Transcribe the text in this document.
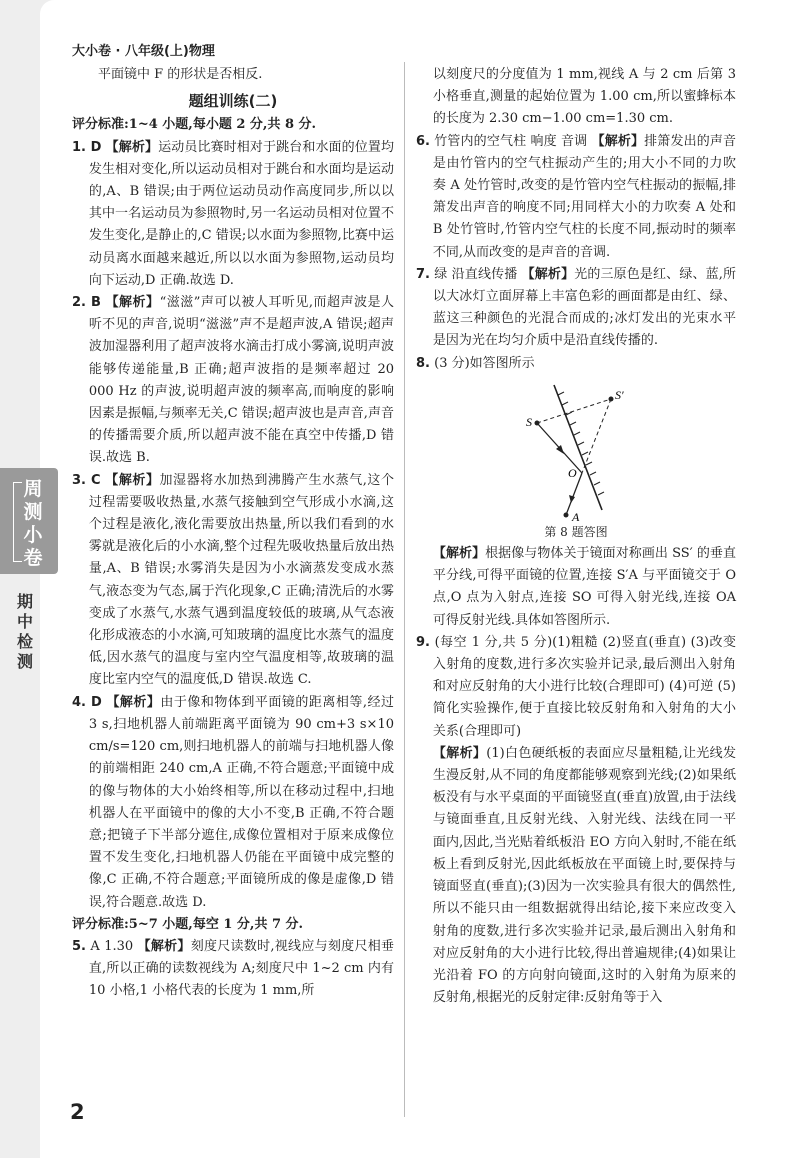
大小卷 · 八年级(上)物理
周测小卷
期中检测

平面镜中 F 的形状是否相反.

题组训练(二)

评分标准:1~4 小题,每小题 2 分,共 8 分.

1. D 【解析】运动员比赛时相对于跳台和水面的位置均发生相对变化,所以运动员相对于跳台和水面均是运动的,A、B 错误;由于两位运动员动作高度同步,所以以其中一名运动员为参照物时,另一名运动员相对位置不发生变化,是静止的,C 错误;以水面为参照物,比赛中运动员离水面越来越近,所以以水面为参照物,运动员均向下运动,D 正确.故选 D.

2. B 【解析】“滋滋”声可以被人耳听见,而超声波是人听不见的声音,说明“滋滋”声不是超声波,A 错误;超声波加湿器利用了超声波将水滴击打成小雾滴,说明声波能够传递能量,B 正确;超声波指的是频率超过 20 000 Hz 的声波,说明超声波的频率高,而响度的影响因素是振幅,与频率无关,C 错误;超声波也是声音,声音的传播需要介质,所以超声波不能在真空中传播,D 错误.故选 B.

3. C 【解析】加湿器将水加热到沸腾产生水蒸气,这个过程需要吸收热量,水蒸气接触到空气形成小水滴,这个过程是液化,液化需要放出热量,所以我们看到的水雾就是液化后的小水滴,整个过程先吸收热量后放出热量,A、B 错误;水雾消失是因为小水滴蒸发变成水蒸气,液态变为气态,属于汽化现象,C 正确;清洗后的水雾变成了水蒸气,水蒸气遇到温度较低的玻璃,从气态液化形成液态的小水滴,可知玻璃的温度比水蒸气的温度低,因水蒸气的温度与室内空气温度相等,故玻璃的温度比室内空气的温度低,D 错误.故选 C.

4. D 【解析】由于像和物体到平面镜的距离相等,经过 3 s,扫地机器人前端距离平面镜为 90 cm+3 s×10 cm/s=120 cm,则扫地机器人的前端与扫地机器人像的前端相距 240 cm,A 正确,不符合题意;平面镜中成的像与物体的大小始终相等,所以在移动过程中,扫地机器人在平面镜中的像的大小不变,B 正确,不符合题意;把镜子下半部分遮住,成像位置相对于原来成像位置不发生变化,扫地机器人仍能在平面镜中成完整的像,C 正确,不符合题意;平面镜所成的像是虚像,D 错误,符合题意.故选 D.

评分标准:5~7 小题,每空 1 分,共 7 分.

5. A 1.30 【解析】刻度尺读数时,视线应与刻度尺相垂直,所以正确的读数视线为 A;刻度尺中 1~2 cm 内有 10 小格,1 小格代表的长度为 1 mm,所

以刻度尺的分度值为 1 mm,视线 A 与 2 cm 后第 3 小格垂直,测量的起始位置为 1.00 cm,所以蜜蜂标本的长度为 2.30 cm−1.00 cm=1.30 cm.

6. 竹管内的空气柱 响度 音调 【解析】排箫发出的声音是由竹管内的空气柱振动产生的;用大小不同的力吹奏 A 处竹管时,改变的是竹管内空气柱振动的振幅,排箫发出声音的响度不同;用同样大小的力吹奏 A 处和 B 处竹管时,竹管内空气柱的长度不同,振动时的频率不同,从而改变的是声音的音调.

7. 绿 沿直线传播 【解析】光的三原色是红、绿、蓝,所以大冰灯立面屏幕上丰富色彩的画面都是由红、绿、蓝这三种颜色的光混合而成的;冰灯发出的光束水平是因为光在均匀介质中是沿直线传播的.

8. (3 分)如答图所示

S
S′
O
A
第 8 题答图

【解析】根据像与物体关于镜面对称画出 SS′ 的垂直平分线,可得平面镜的位置,连接 S′A 与平面镜交于 O 点,O 点为入射点,连接 SO 可得入射光线,连接 OA 可得反射光线.具体如答图所示.

9. (每空 1 分,共 5 分)(1)粗糙 (2)竖直(垂直) (3)改变入射角的度数,进行多次实验并记录,最后测出入射角和对应反射角的大小进行比较(合理即可) (4)可逆 (5)简化实验操作,便于直接比较反射角和入射角的大小关系(合理即可)

【解析】(1)白色硬纸板的表面应尽量粗糙,让光线发生漫反射,从不同的角度都能够观察到光线;(2)如果纸板没有与水平桌面的平面镜竖直(垂直)放置,由于法线与镜面垂直,且反射光线、入射光线、法线在同一平面内,因此,当光贴着纸板沿 EO 方向入射时,不能在纸板上看到反射光,因此纸板放在平面镜上时,要保持与镜面竖直(垂直);(3)因为一次实验具有很大的偶然性,所以不能只由一组数据就得出结论,接下来应改变入射角的度数,进行多次实验并记录,最后测出入射角和对应反射角的大小进行比较,得出普遍规律;(4)如果让光沿着 FO 的方向射向镜面,这时的入射角为原来的反射角,根据光的反射定律:反射角等于入

2
